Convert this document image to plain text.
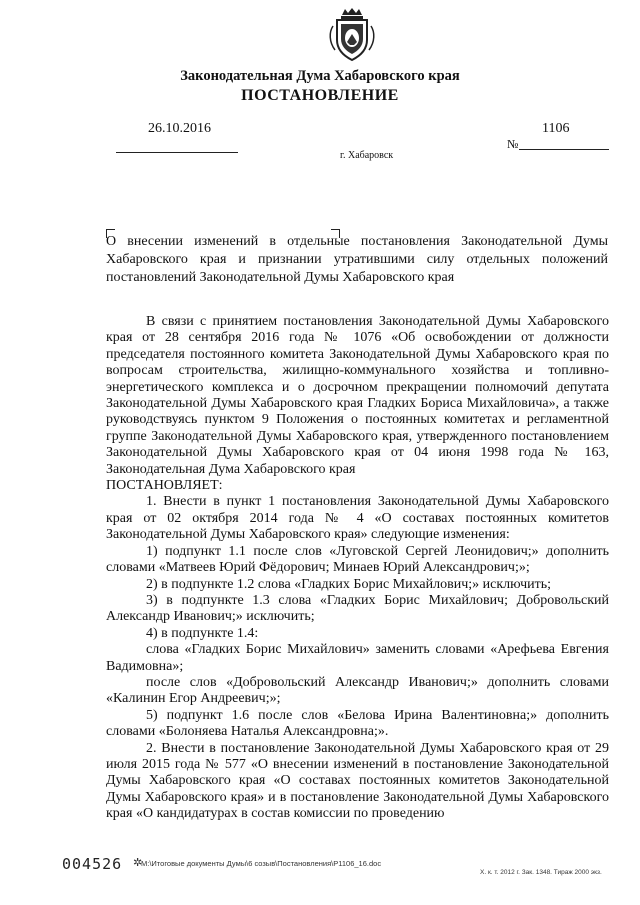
Законодательная Дума Хабаровского края
ПОСТАНОВЛЕНИЕ
26.10.2016	1106
№
г. Хабаровск
О внесении изменений в отдельные постановления Законодательной Думы Хабаровского края и признании утратившими силу отдельных положений постановлений Законодательной Думы Хабаровского края

В связи с принятием постановления Законодательной Думы Хабаровского края от 28 сентября 2016 года № 1076 «Об освобождении от должности председателя постоянного комитета Законодательной Думы Хабаровского края по вопросам строительства, жилищно-коммунального хозяйства и топливно-энергетического комплекса и о досрочном прекращении полномочий депутата Законодательной Думы Хабаровского края Гладких Бориса Михайловича», а также руководствуясь пунктом 9 Положения о постоянных комитетах и регламентной группе Законодательной Думы Хабаровского края, утвержденного постановлением Законодательной Думы Хабаровского края от 04 июня 1998 года № 163, Законодательная Дума Хабаровского края

ПОСТАНОВЛЯЕТ:

1. Внести в пункт 1 постановления Законодательной Думы Хабаровского края от 02 октября 2014 года № 4 «О составах постоянных комитетов Законодательной Думы Хабаровского края» следующие изменения:

1) подпункт 1.1 после слов «Луговской Сергей Леонидович;» дополнить словами «Матвеев Юрий Фёдорович; Минаев Юрий Александрович;»;

2) в подпункте 1.2 слова «Гладких Борис Михайлович;» исключить;

3) в подпункте 1.3 слова «Гладких Борис Михайлович; Добровольский Александр Иванович;» исключить;

4) в подпункте 1.4:

слова «Гладких Борис Михайлович» заменить словами «Арефьева Евгения Вадимовна»;

после слов «Добровольский Александр Иванович;» дополнить словами «Калинин Егор Андреевич;»;

5) подпункт 1.6 после слов «Белова Ирина Валентиновна;» дополнить словами «Болоняева Наталья Александровна;».

2. Внести в постановление Законодательной Думы Хабаровского края от 29 июля 2015 года № 577 «О внесении изменений в постановление Законодательной Думы Хабаровского края «О составах постоянных комитетов Законодательной Думы Хабаровского края» и в постановление Законодательной Думы Хабаровского края «О кандидатурах в состав комиссии по проведению

004526 ✲
M:\Итоговые документы Думы\6 созыв\Постановления\P1106_16.doc
Х. к. т. 2012 г. Зак. 1348. Тираж 2000 экз.
